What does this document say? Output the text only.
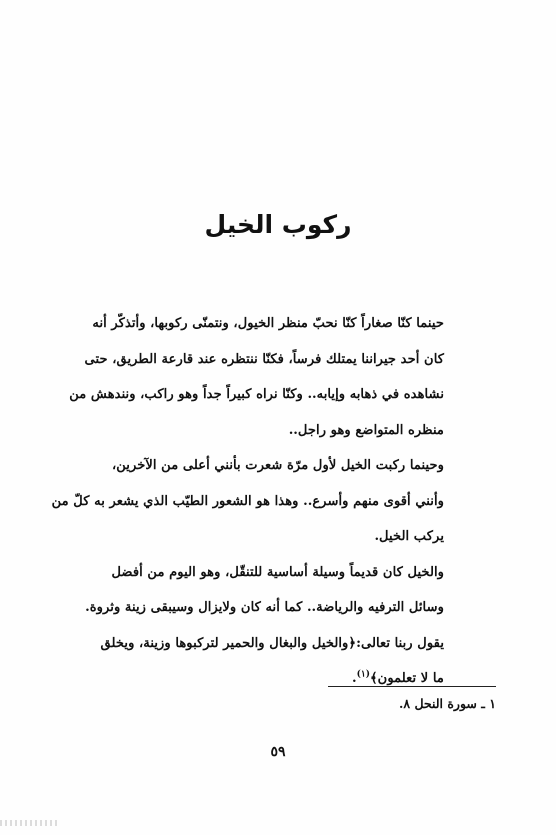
ركوب الخيل
حينما كنّا صغاراً كنّا نحبّ منظر الخيول، ونتمنّى ركوبها، وأتذكّر أنه
كان أحد جيراننا يمتلك فرساً، فكنّا ننتظره عند قارعة الطريق، حتى
نشاهده في ذهابه وإيابه.. وكنّا نراه كبيراً جداً وهو راكب، ونندهش من
منظره المتواضع وهو راجل..
وحينما ركبت الخيل لأول مرّة شعرت بأنني أعلى من الآخرين،
وأنني أقوى منهم وأسرع.. وهذا هو الشعور الطيّب الذي يشعر به كلّ من
يركب الخيل.
والخيل كان قديماً وسيلة أساسية للتنقّل، وهو اليوم من أفضل
وسائل الترفيه والرياضة.. كما أنه كان ولايزال وسيبقى زينة وثروة.
يقول ربنا تعالى:﴿والخيل والبغال والحمير لتركبوها وزينة، ويخلق
ما لا تعلمون﴾$^{(١)}$.
١ ـ سورة النحل ٨.
٥٩
